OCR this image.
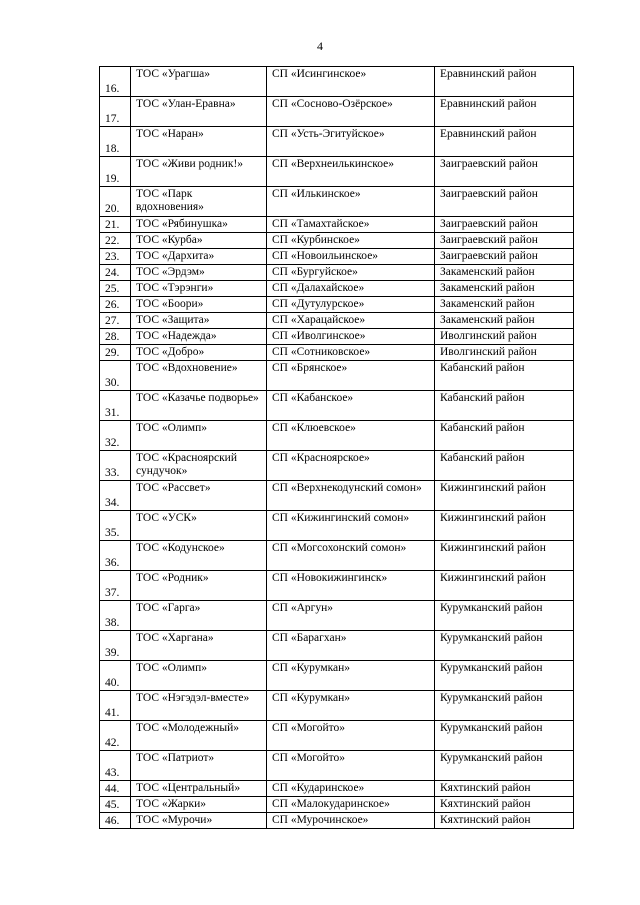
4
16.	ТОС «Урагша»	СП «Исингинское»	Еравнинский район
17.	ТОС «Улан-Еравна»	СП «Сосново-Озёрское»	Еравнинский район
18.	ТОС «Наран»	СП «Усть-Эгитуйское»	Еравнинский район
19.	ТОС «Живи родник!»	СП «Верхнеилькинское»	Заиграевский район
20.	ТОС «Парк вдохновения»	СП «Илькинское»	Заиграевский район
21.	ТОС «Рябинушка»	СП «Тамахтайское»	Заиграевский район
22.	ТОС «Курба»	СП «Курбинское»	Заиграевский район
23.	ТОС «Дархита»	СП «Новоильинское»	Заиграевский район
24.	ТОС «Эрдэм»	СП «Бургуйское»	Закаменский район
25.	ТОС «Тэрэнги»	СП «Далахайское»	Закаменский район
26.	ТОС «Боори»	СП «Дутулурское»	Закаменский район
27.	ТОС «Защита»	СП «Харацайское»	Закаменский район
28.	ТОС «Надежда»	СП «Иволгинское»	Иволгинский район
29.	ТОС «Добро»	СП «Сотниковское»	Иволгинский район
30.	ТОС «Вдохновение»	СП «Брянское»	Кабанский район
31.	ТОС «Казачье подворье»	СП «Кабанское»	Кабанский район
32.	ТОС «Олимп»	СП «Клюевское»	Кабанский район
33.	ТОС «Красноярский сундучок»	СП «Красноярское»	Кабанский район
34.	ТОС «Рассвет»	СП «Верхнекодунский сомон»	Кижингинский район
35.	ТОС «УСК»	СП «Кижингинский сомон»	Кижингинский район
36.	ТОС «Кодунское»	СП «Могсохонский сомон»	Кижингинский район
37.	ТОС «Родник»	СП «Новокижингинск»	Кижингинский район
38.	ТОС «Гарга»	СП «Аргун»	Курумканский район
39.	ТОС «Харгана»	СП «Барагхан»	Курумканский район
40.	ТОС «Олимп»	СП «Курумкан»	Курумканский район
41.	ТОС «Нэгэдэл-вместе»	СП «Курумкан»	Курумканский район
42.	ТОС «Молодежный»	СП «Могойто»	Курумканский район
43.	ТОС «Патриот»	СП «Могойто»	Курумканский район
44.	ТОС «Центральный»	СП «Кударинское»	Кяхтинский район
45.	ТОС «Жарки»	СП «Малокударинское»	Кяхтинский район
46.	ТОС «Мурочи»	СП «Мурочинское»	Кяхтинский район
